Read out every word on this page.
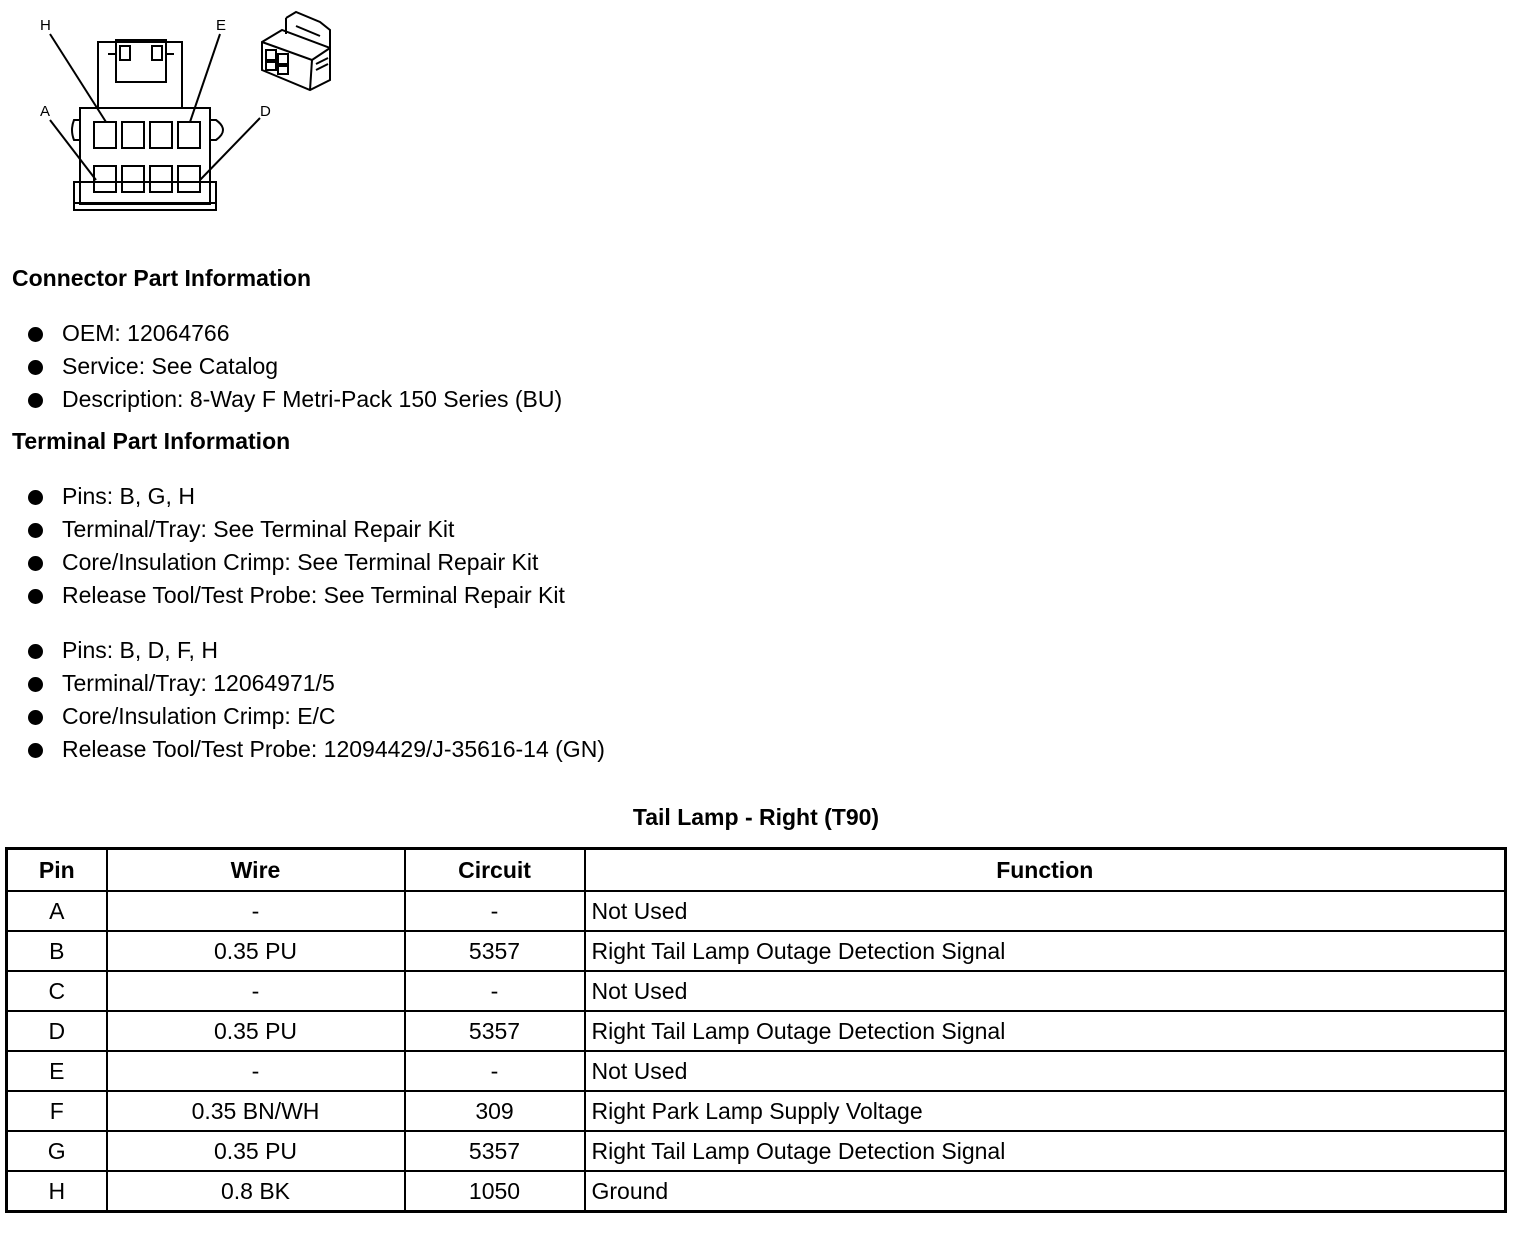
H	E
A	D
Connector Part Information
OEM: 12064766
Service: See Catalog
Description: 8-Way F Metri-Pack 150 Series (BU)
Terminal Part Information
Pins: B, G, H
Terminal/Tray: See Terminal Repair Kit
Core/Insulation Crimp: See Terminal Repair Kit
Release Tool/Test Probe: See Terminal Repair Kit
Pins: B, D, F, H
Terminal/Tray: 12064971/5
Core/Insulation Crimp: E/C
Release Tool/Test Probe: 12094429/J-35616-14 (GN)
Tail Lamp - Right (T90)
Pin	Wire	Circuit	Function
A	-	-	Not Used
B	0.35 PU	5357	Right Tail Lamp Outage Detection Signal
C	-	-	Not Used
D	0.35 PU	5357	Right Tail Lamp Outage Detection Signal
E	-	-	Not Used
F	0.35 BN/WH	309	Right Park Lamp Supply Voltage
G	0.35 PU	5357	Right Tail Lamp Outage Detection Signal
H	0.8 BK	1050	Ground
